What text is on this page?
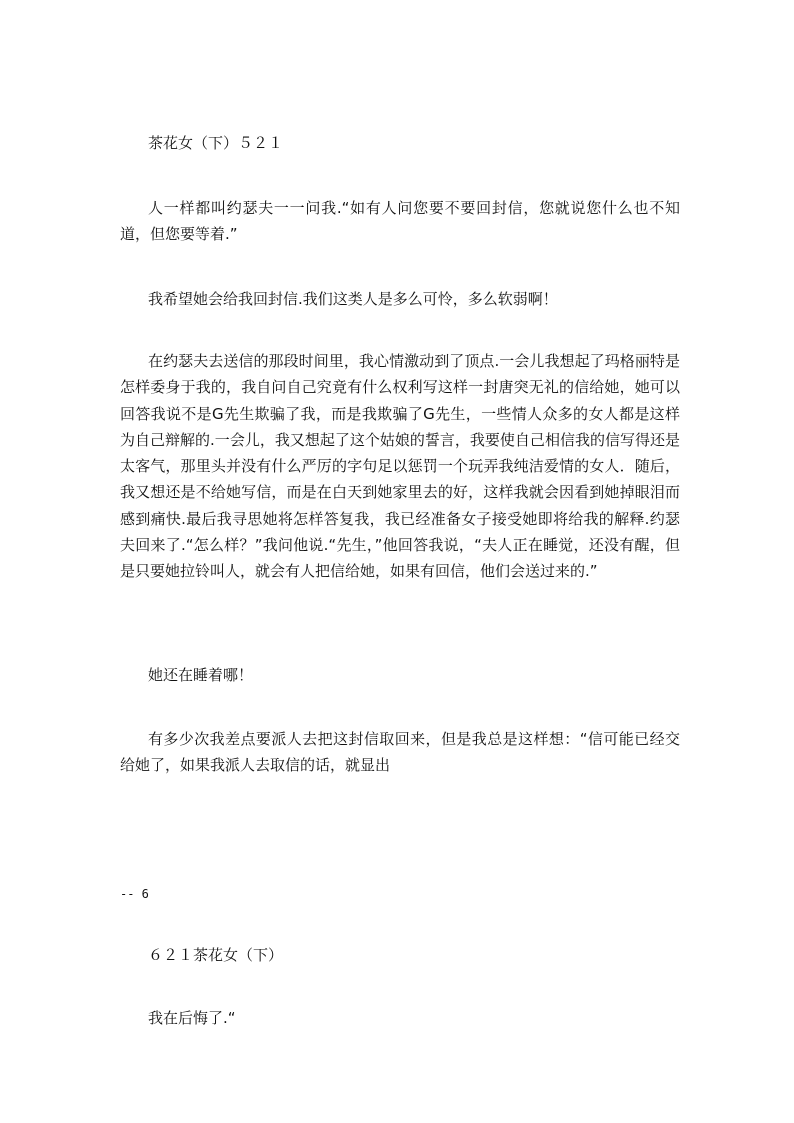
茶花女（下）５２１
人一样都叫约瑟夫一一问我.“如有人问您要不要回封信，您就说您什么也不知道，但您要等着.”
我希望她会给我回封信.我们这类人是多么可怜，多么软弱啊！
在约瑟夫去送信的那段时间里，我心情激动到了顶点.一会儿我想起了玛格丽特是怎样委身于我的，我自问自己究竟有什么权利写这样一封唐突无礼的信给她，她可以回答我说不是G先生欺骗了我，而是我欺骗了G先生，一些情人众多的女人都是这样为自己辩解的.一会儿，我又想起了这个姑娘的誓言，我要使自己相信我的信写得还是太客气，那里头并没有什么严厉的字句足以惩罚一个玩弄我纯洁爱情的女人．随后，我又想还是不给她写信，而是在白天到她家里去的好，这样我就会因看到她掉眼泪而感到痛快.最后我寻思她将怎样答复我，我已经准备女子接受她即将给我的解释.约瑟夫回来了.“怎么样？”我问他说.“先生，”他回答我说，“夫人正在睡觉，还没有醒，但是只要她拉铃叫人，就会有人把信给她，如果有回信，他们会送过来的.”
她还在睡着哪！
有多少次我差点要派人去把这封信取回来，但是我总是这样想：“信可能已经交给她了，如果我派人去取信的话，就显出
-- 6
６２１茶花女（下）
我在后悔了.“
